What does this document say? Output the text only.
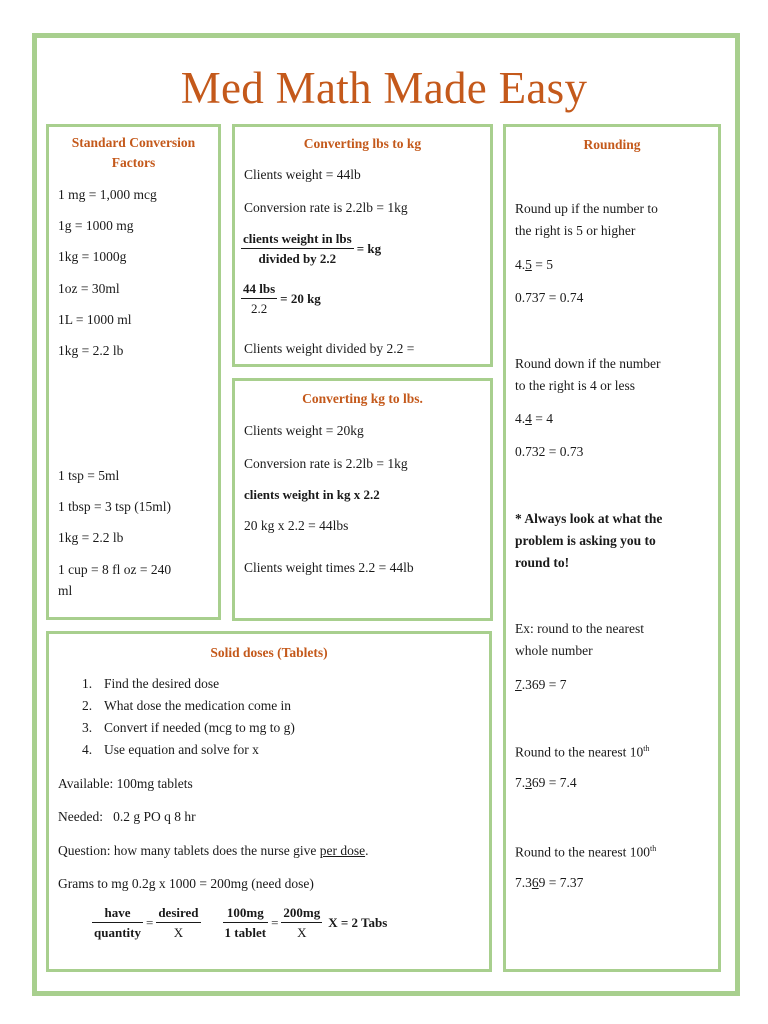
Med Math Made Easy
Standard Conversion
Factors
1 mg = 1,000 mcg
1g = 1000 mg
1kg = 1000g
1oz = 30ml
1L = 1000 ml
1kg = 2.2 lb
1 tsp = 5ml
1 tbsp = 3 tsp (15ml)
1kg = 2.2 lb
1 cup = 8 fl oz = 240
ml
Converting lbs to kg
Clients weight = 44lb
Conversion rate is 2.2lb = 1kg
$\frac{\text{clients weight in lbs}}{\text{divided by 2.2}}$ = kg
$\frac{\text{44 lbs}}{2.2} = 20$ kg
Clients weight divided by 2.2 =
Converting kg to lbs.
Clients weight = 20kg
Conversion rate is 2.2lb = 1kg
clients weight in kg x 2.2
20 kg x 2.2 = 44lbs
Clients weight times 2.2 = 44lb
Solid doses (Tablets)
1. Find the desired dose
2. What dose the medication come in
3. Convert if needed (mcg to mg to g)
4. Use equation and solve for x
Available: 100mg tablets
Needed:   0.2 g PO q 8 hr
Question: how many tablets does the nurse give per dose.
Grams to mg 0.2g x 1000 = 200mg (need dose)
$\frac{\text{have}}{\text{quantity}} = \frac{\text{desired}}{X} \frac{100mg}{\text{1 tablet}} = \frac{200mg}{X}$ X = 2 Tabs
Rounding
Round up if the number to
the right is 5 or higher
4.5 = 5
0.737 = 0.74
Round down if the number
to the right is 4 or less
4.4 = 4
0.732 = 0.73
* Always look at what the
problem is asking you to
round to!
Ex: round to the nearest
whole number
7.369 = 7
Round to the nearest 10th
7.369 = 7.4
Round to the nearest 100th
7.369 = 7.37
